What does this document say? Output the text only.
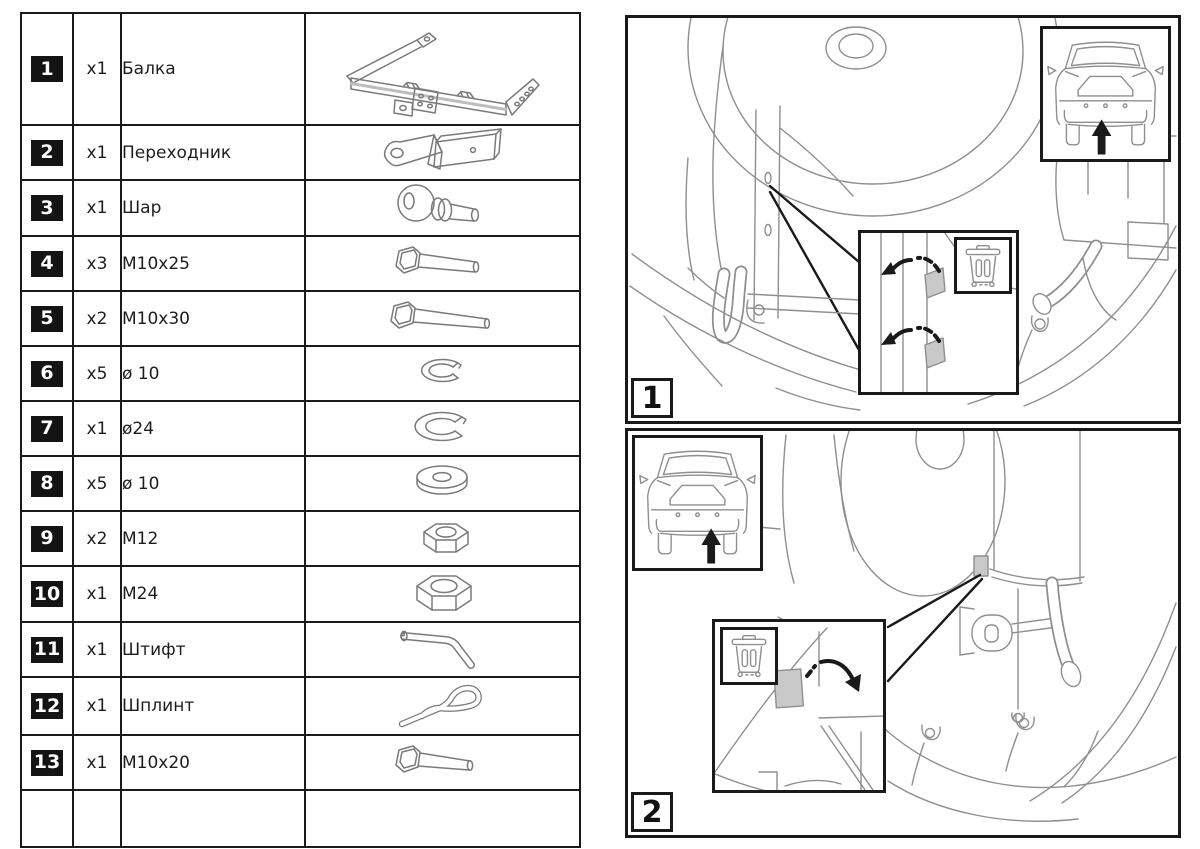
1	x1	Балка	
2	x1	Переходник	
3	x1	Шар	
4	x3	M10x25	
5	x2	M10x30	
6	x5	ø 10	
7	x1	ø24	
8	x5	ø 10	
9	x2	M12	
10	x1	M24	
11	x1	Штифт	
12	x1	Шплинт	
13	x1	M10x20	

1
2
